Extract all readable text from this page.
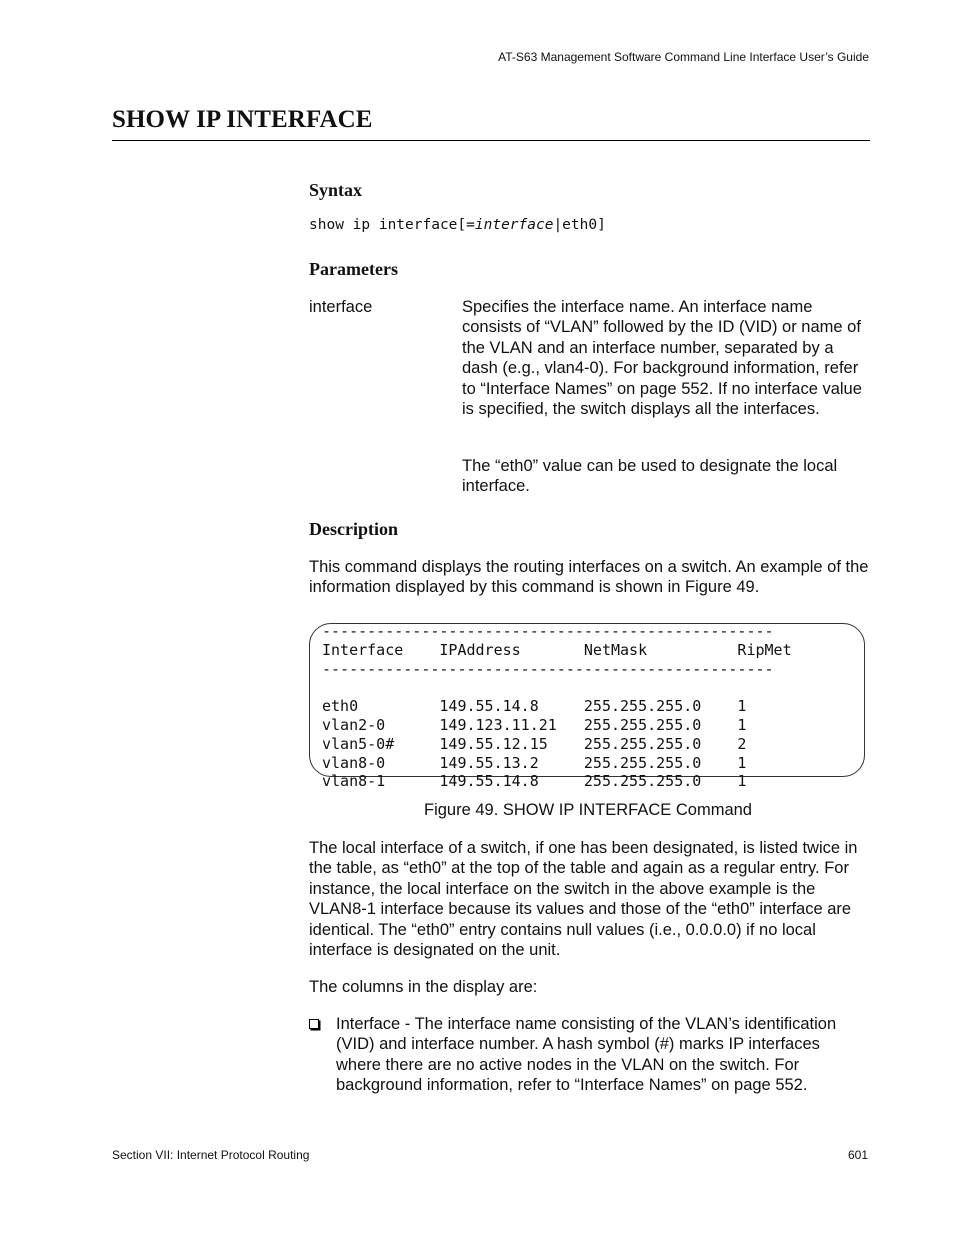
AT-S63 Management Software Command Line Interface User’s Guide
SHOW IP INTERFACE
Syntax
show ip interface[=interface|eth0]
Parameters
interface	Specifies the interface name. An interface name consists of “VLAN” followed by the ID (VID) or name of the VLAN and an interface number, separated by a dash (e.g., vlan4-0). For background information, refer to “Interface Names” on page 552. If no interface value is specified, the switch displays all the interfaces.

The “eth0” value can be used to designate the local interface.

Description

This command displays the routing interfaces on a switch. An example of the information displayed by this command is shown in Figure 49.

--------------------------------------------------
Interface    IPAddress       NetMask          RipMet
--------------------------------------------------

eth0         149.55.14.8     255.255.255.0    1
vlan2-0      149.123.11.21   255.255.255.0    1
vlan5-0#     149.55.12.15    255.255.255.0    2
vlan8-0      149.55.13.2     255.255.255.0    1
vlan8-1      149.55.14.8     255.255.255.0    1
Figure 49. SHOW IP INTERFACE Command

The local interface of a switch, if one has been designated, is listed twice in the table, as “eth0” at the top of the table and again as a regular entry. For instance, the local interface on the switch in the above example is the VLAN8-1 interface because its values and those of the “eth0” interface are identical. The “eth0” entry contains null values (i.e., 0.0.0.0) if no local interface is designated on the unit.

The columns in the display are:

Interface - The interface name consisting of the VLAN’s identification (VID) and interface number. A hash symbol (#) marks IP interfaces where there are no active nodes in the VLAN on the switch. For background information, refer to “Interface Names” on page 552.

Section VII: Internet Protocol Routing	601
